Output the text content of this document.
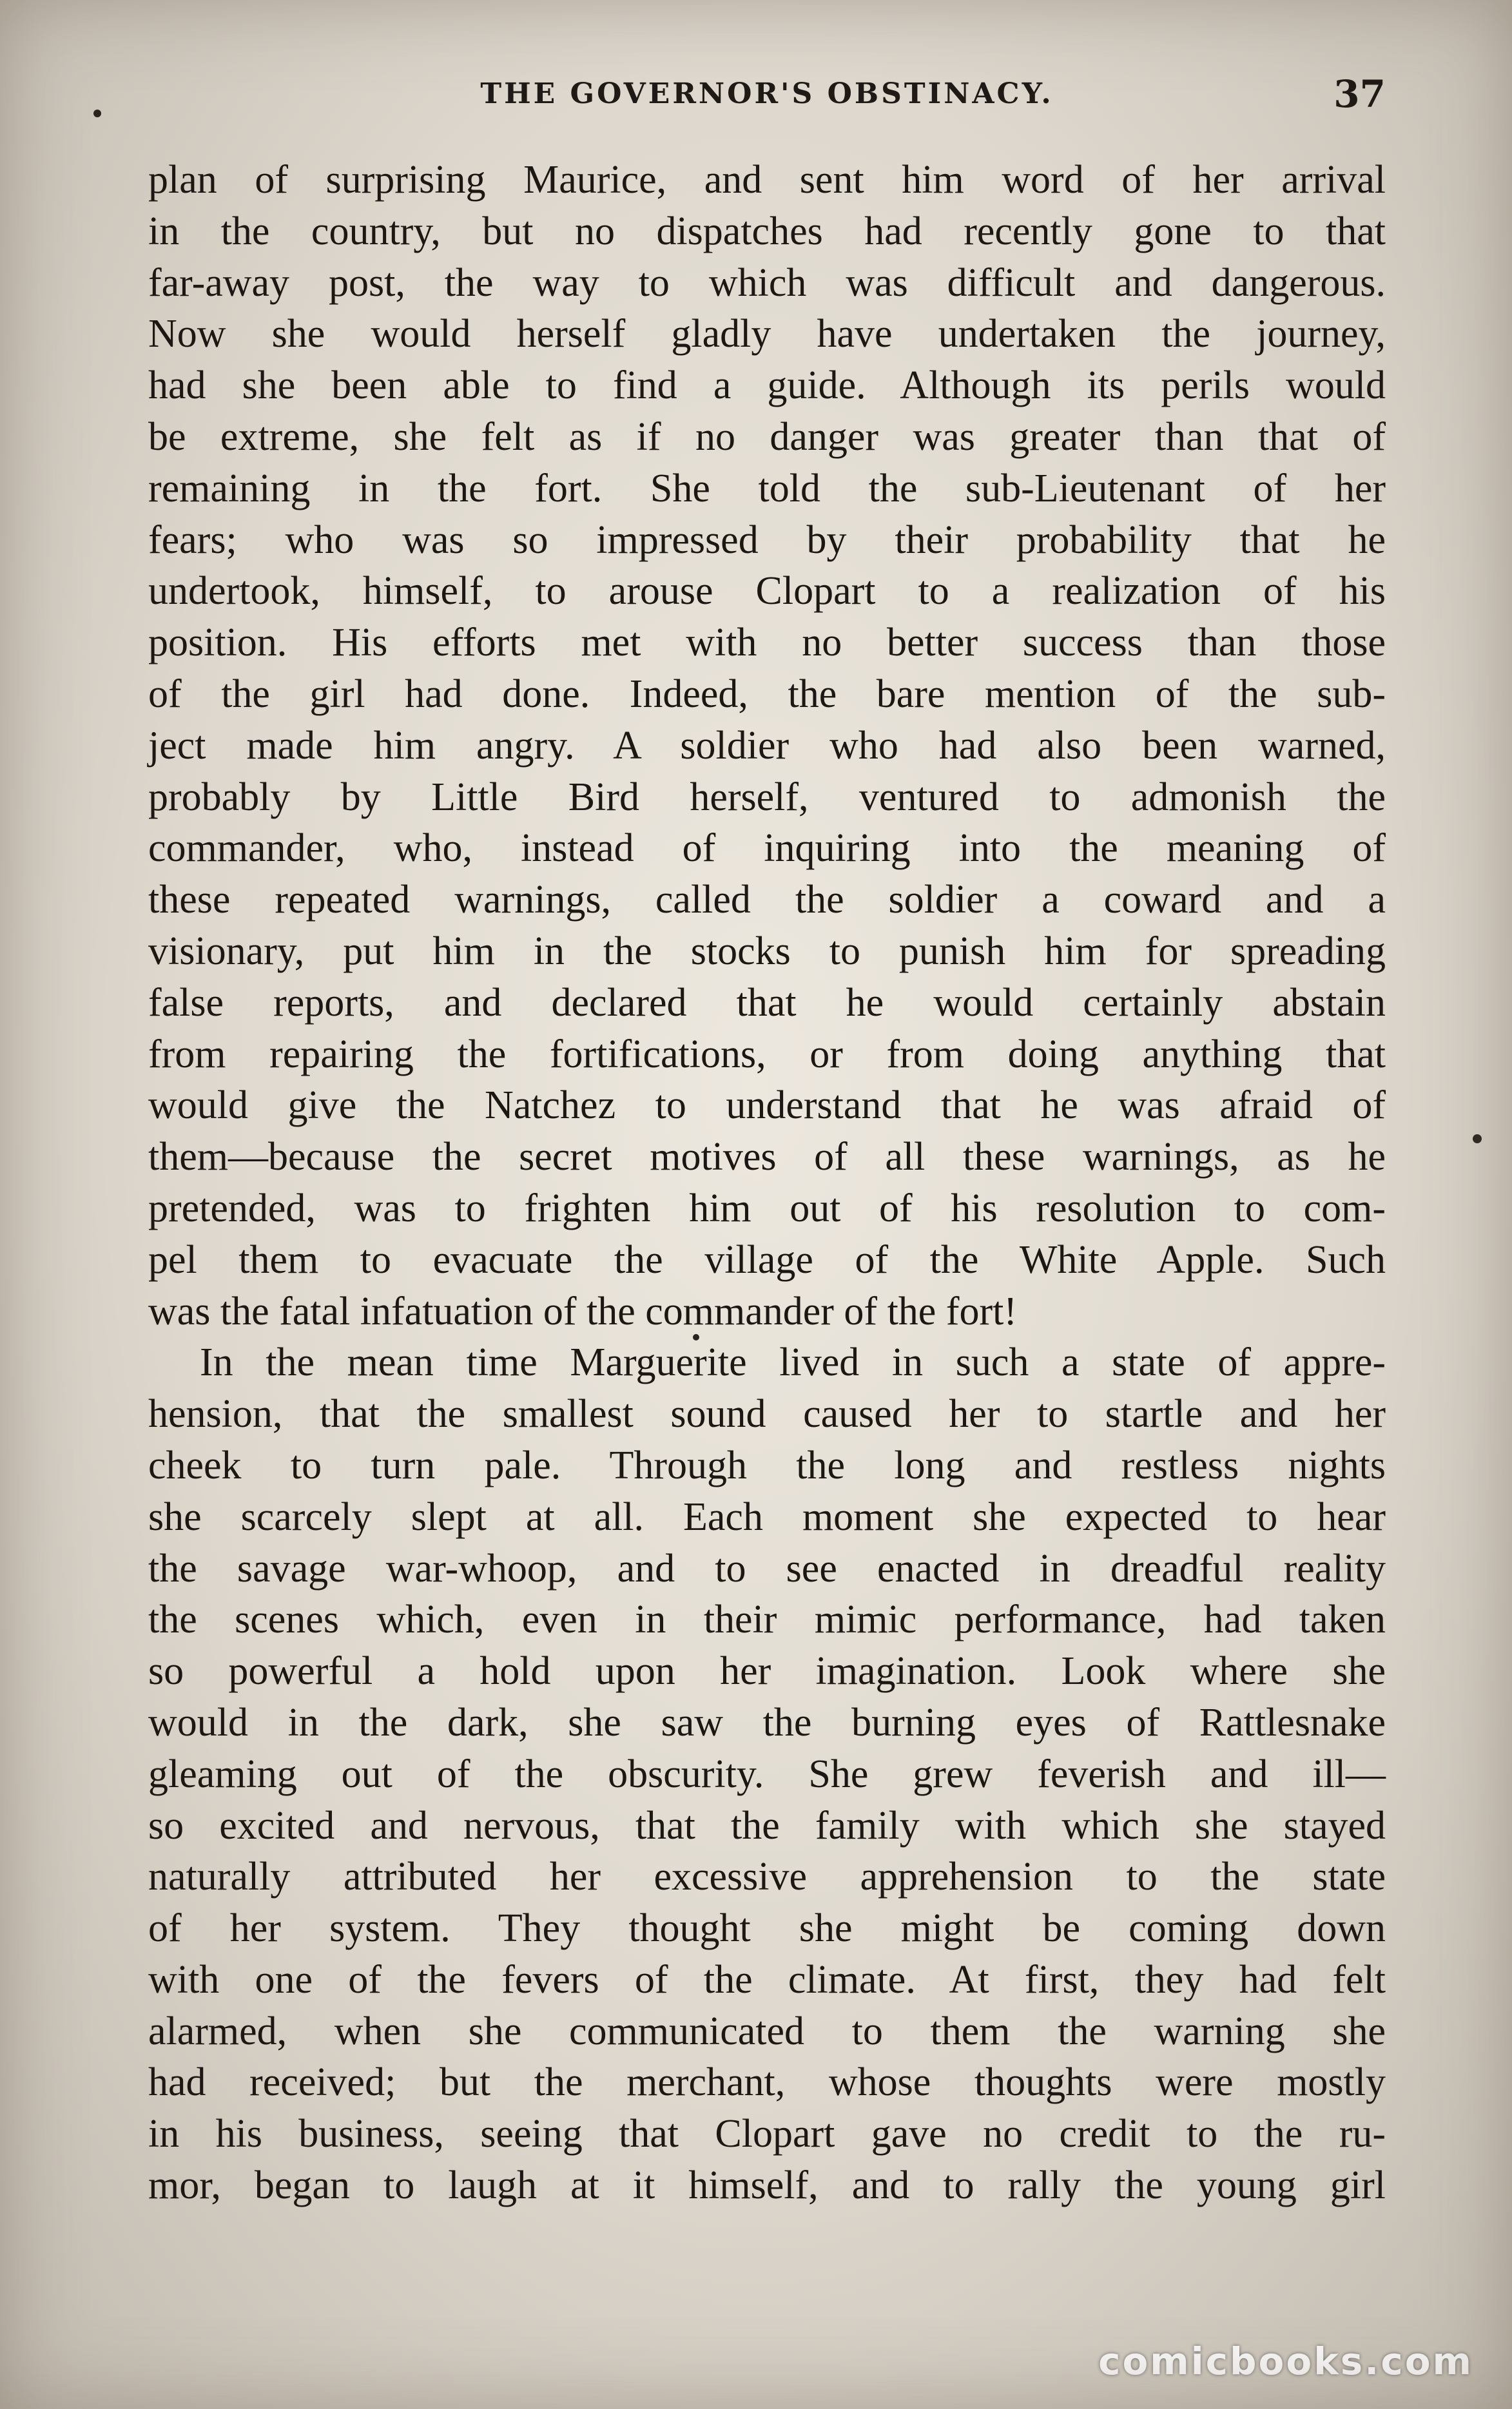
THE GOVERNOR'S OBSTINACY.	37
plan of surprising Maurice, and sent him word of her arrival
in the country, but no dispatches had recently gone to that
far-away post, the way to which was difficult and dangerous.
Now she would herself gladly have undertaken the journey,
had she been able to find a guide. Although its perils would
be extreme, she felt as if no danger was greater than that of
remaining in the fort. She told the sub-Lieutenant of her
fears; who was so impressed by their probability that he
undertook, himself, to arouse Clopart to a realization of his
position. His efforts met with no better success than those
of the girl had done. Indeed, the bare mention of the sub-
ject made him angry. A soldier who had also been warned,
probably by Little Bird herself, ventured to admonish the
commander, who, instead of inquiring into the meaning of
these repeated warnings, called the soldier a coward and a
visionary, put him in the stocks to punish him for spreading
false reports, and declared that he would certainly abstain
from repairing the fortifications, or from doing anything that
would give the Natchez to understand that he was afraid of
them—because the secret motives of all these warnings, as he
pretended, was to frighten him out of his resolution to com-
pel them to evacuate the village of the White Apple. Such
was the fatal infatuation of the commander of the fort!
In the mean time Marguerite lived in such a state of appre-
hension, that the smallest sound caused her to startle and her
cheek to turn pale. Through the long and restless nights
she scarcely slept at all. Each moment she expected to hear
the savage war-whoop, and to see enacted in dreadful reality
the scenes which, even in their mimic performance, had taken
so powerful a hold upon her imagination. Look where she
would in the dark, she saw the burning eyes of Rattlesnake
gleaming out of the obscurity. She grew feverish and ill—
so excited and nervous, that the family with which she stayed
naturally attributed her excessive apprehension to the state
of her system. They thought she might be coming down
with one of the fevers of the climate. At first, they had felt
alarmed, when she communicated to them the warning she
had received; but the merchant, whose thoughts were mostly
in his business, seeing that Clopart gave no credit to the ru-
mor, began to laugh at it himself, and to rally the young girl
comicbooks.com
